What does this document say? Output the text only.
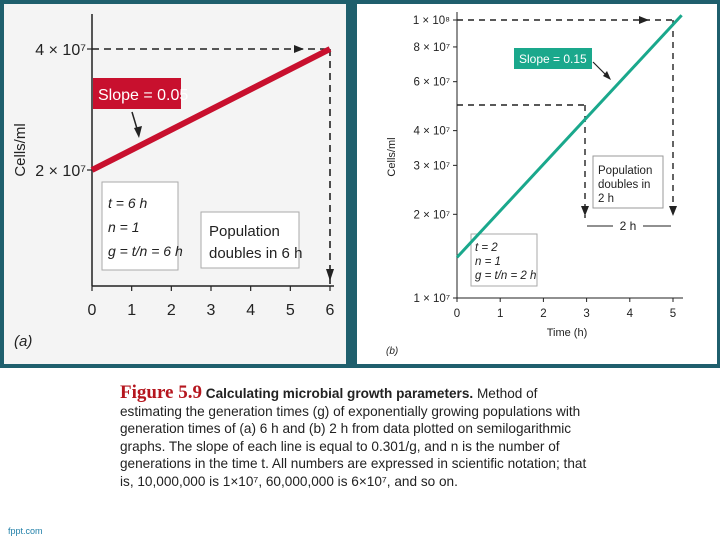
Slope = 0.05
t = 6 h
n = 1
g = t/n = 6 h
Population doubles in 6 h
Cells/ml
(a)
0 1 2 3 4 5 6
2 × 10⁷
4 × 10⁷
2 h
Slope = 0.15
t = 2
n = 1
g = t/n = 2 h
Population doubles in 2 h
Cells/ml
Time (h)
(b)
0	1	2	3	4	5
1 × 10⁸
8 × 10⁷
6 × 10⁷
4 × 10⁷
3 × 10⁷
2 × 10⁷
1 × 10⁷
Figure 5.9 Calculating microbial growth parameters. Method of estimating the generation times (g) of exponentially growing populations with generation times of (a) 6 h and (b) 2 h from data plotted on semilogarithmic graphs. The slope of each line is equal to 0.301/g, and n is the number of generations in the time t. All numbers are expressed in scientific notation; that is, 10,000,000 is 1×10⁷, 60,000,000 is 6×10⁷, and so on.
fppt.com
